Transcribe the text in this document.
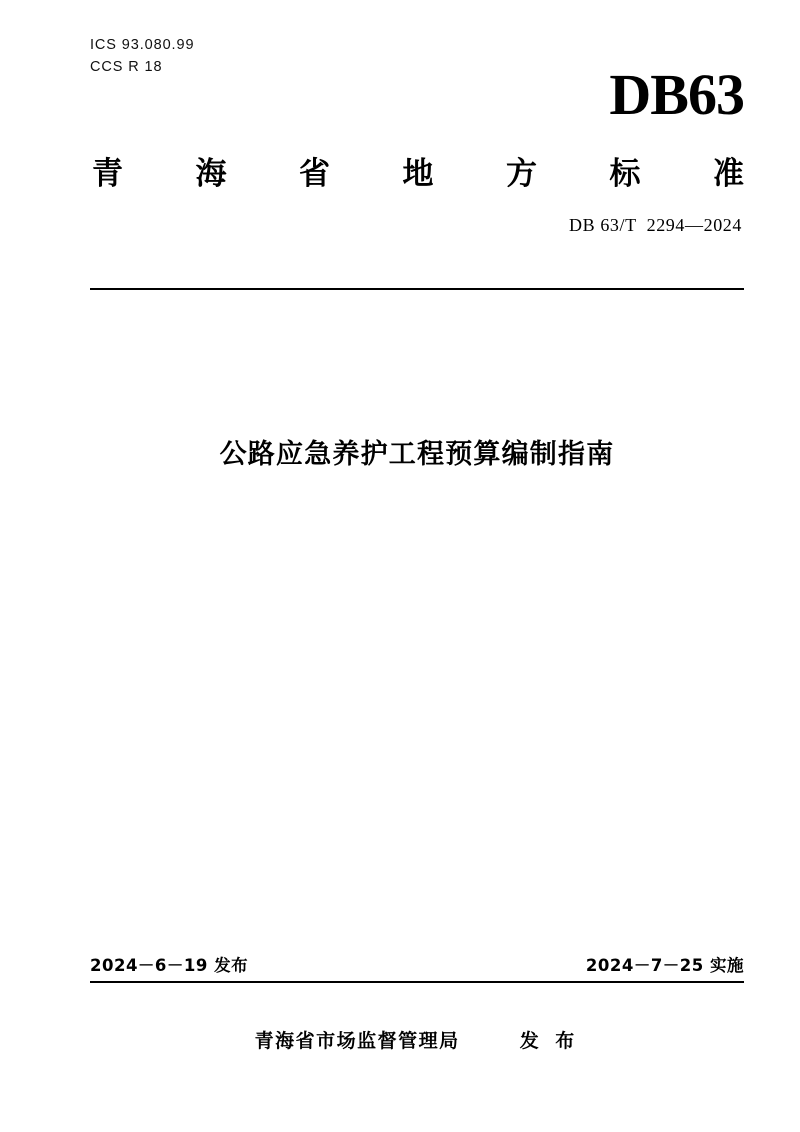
ICS 93.080.99
CCS R 18	DB63
青 海 省 地 方 标 准
DB 63/T  2294—2024
公路应急养护工程预算编制指南
2024－6－19 发布	2024－7－25 实施
青海省市场监督管理局	发 布
